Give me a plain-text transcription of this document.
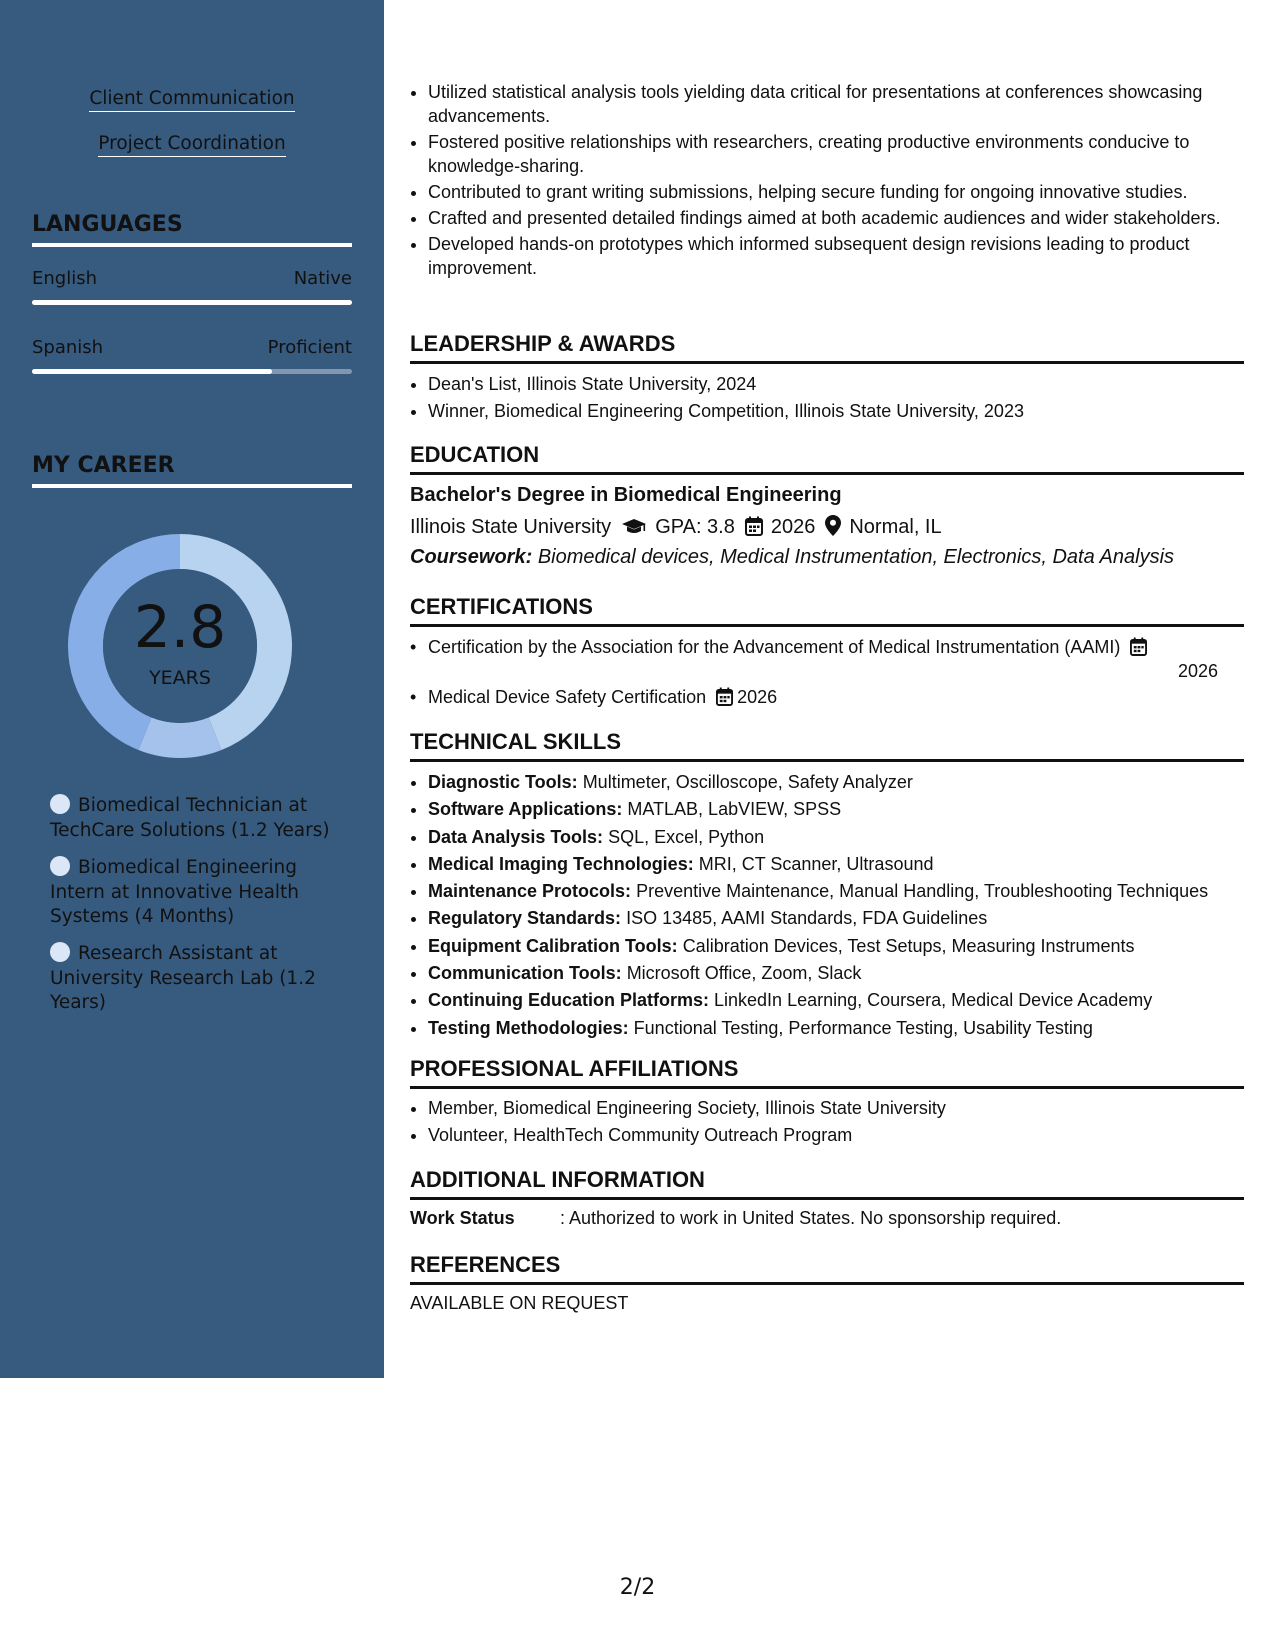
Client Communication
Project Coordination
LANGUAGES
English	Native
Spanish	Proficient
MY CAREER
2.8
YEARS
Biomedical Technician at TechCare Solutions (1.2 Years)
Biomedical Engineering Intern at Innovative Health Systems (4 Months)
Research Assistant at University Research Lab (1.2 Years)
• Utilized statistical analysis tools yielding data critical for presentations at conferences showcasing advancements.
• Fostered positive relationships with researchers, creating productive environments conducive to knowledge-sharing.
• Contributed to grant writing submissions, helping secure funding for ongoing innovative studies.
• Crafted and presented detailed findings aimed at both academic audiences and wider stakeholders.
• Developed hands-on prototypes which informed subsequent design revisions leading to product improvement.
LEADERSHIP & AWARDS
• Dean's List, Illinois State University, 2024
• Winner, Biomedical Engineering Competition, Illinois State University, 2023
EDUCATION
Bachelor's Degree in Biomedical Engineering
Illinois State University GPA: 3.8 2026 Normal, IL
Coursework: Biomedical devices, Medical Instrumentation, Electronics, Data Analysis
CERTIFICATIONS
• Certification by the Association for the Advancement of Medical Instrumentation (AAMI)
2026
• Medical Device Safety Certification 2026
TECHNICAL SKILLS
• Diagnostic Tools: Multimeter, Oscilloscope, Safety Analyzer
• Software Applications: MATLAB, LabVIEW, SPSS
• Data Analysis Tools: SQL, Excel, Python
• Medical Imaging Technologies: MRI, CT Scanner, Ultrasound
• Maintenance Protocols: Preventive Maintenance, Manual Handling, Troubleshooting Techniques
• Regulatory Standards: ISO 13485, AAMI Standards, FDA Guidelines
• Equipment Calibration Tools: Calibration Devices, Test Setups, Measuring Instruments
• Communication Tools: Microsoft Office, Zoom, Slack
• Continuing Education Platforms: LinkedIn Learning, Coursera, Medical Device Academy
• Testing Methodologies: Functional Testing, Performance Testing, Usability Testing
PROFESSIONAL AFFILIATIONS
• Member, Biomedical Engineering Society, Illinois State University
• Volunteer, HealthTech Community Outreach Program
ADDITIONAL INFORMATION
Work Status	: Authorized to work in United States. No sponsorship required.
REFERENCES
AVAILABLE ON REQUEST
2/2
